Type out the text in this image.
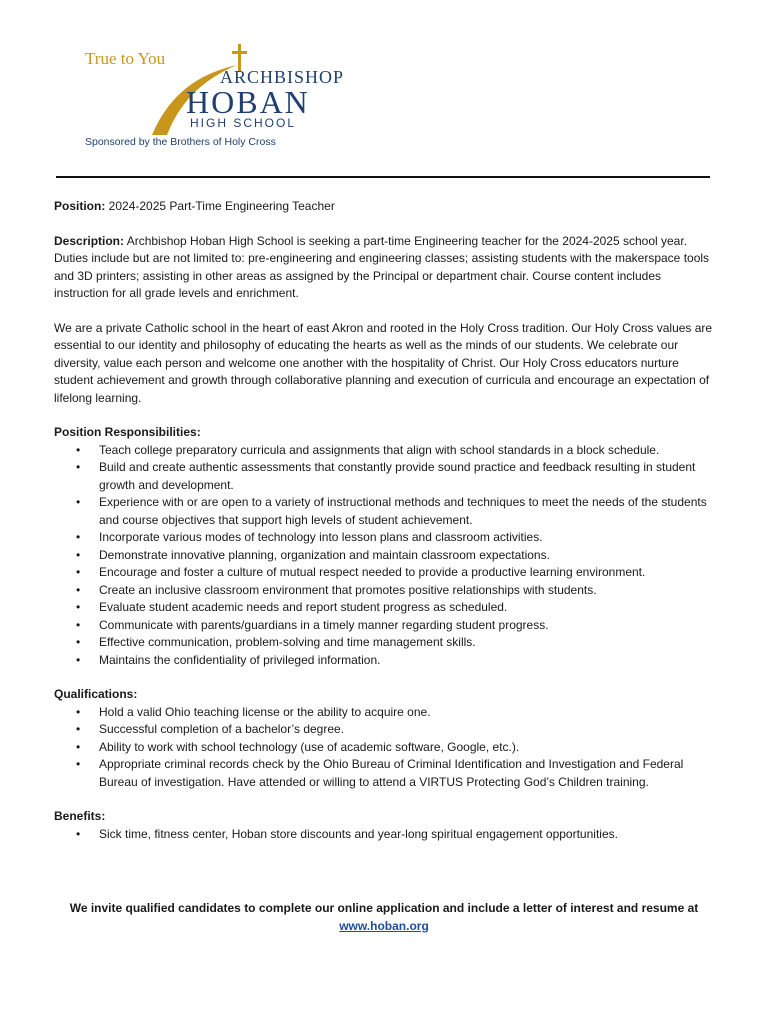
True to You
ARCHBISHOP
HOBAN
HIGH SCHOOL
Sponsored by the Brothers of Holy Cross

Position: 2024-2025 Part-Time Engineering Teacher

Description: Archbishop Hoban High School is seeking a part-time Engineering teacher for the 2024-2025 school year. Duties include but are not limited to: pre-engineering and engineering classes; assisting students with the makerspace tools and 3D printers; assisting in other areas as assigned by the Principal or department chair. Course content includes instruction for all grade levels and enrichment.

We are a private Catholic school in the heart of east Akron and rooted in the Holy Cross tradition. Our Holy Cross values are essential to our identity and philosophy of educating the hearts as well as the minds of our students. We celebrate our diversity, value each person and welcome one another with the hospitality of Christ. Our Holy Cross educators nurture student achievement and growth through collaborative planning and execution of curricula and encourage an expectation of lifelong learning.

Position Responsibilities:
• Teach college preparatory curricula and assignments that align with school standards in a block schedule.
• Build and create authentic assessments that constantly provide sound practice and feedback resulting in student growth and development.
• Experience with or are open to a variety of instructional methods and techniques to meet the needs of the students and course objectives that support high levels of student achievement.
• Incorporate various modes of technology into lesson plans and classroom activities.
• Demonstrate innovative planning, organization and maintain classroom expectations.
• Encourage and foster a culture of mutual respect needed to provide a productive learning environment.
• Create an inclusive classroom environment that promotes positive relationships with students.
• Evaluate student academic needs and report student progress as scheduled.
• Communicate with parents/guardians in a timely manner regarding student progress.
• Effective communication, problem-solving and time management skills.
• Maintains the confidentiality of privileged information.
Qualifications:
• Hold a valid Ohio teaching license or the ability to acquire one.
• Successful completion of a bachelor’s degree.
• Ability to work with school technology (use of academic software, Google, etc.).
• Appropriate criminal records check by the Ohio Bureau of Criminal Identification and Investigation and Federal Bureau of investigation. Have attended or willing to attend a VIRTUS Protecting God’s Children training.
Benefits:
• Sick time, fitness center, Hoban store discounts and year-long spiritual engagement opportunities.
We invite qualified candidates to complete our online application and include a letter of interest and resume at
www.hoban.org
